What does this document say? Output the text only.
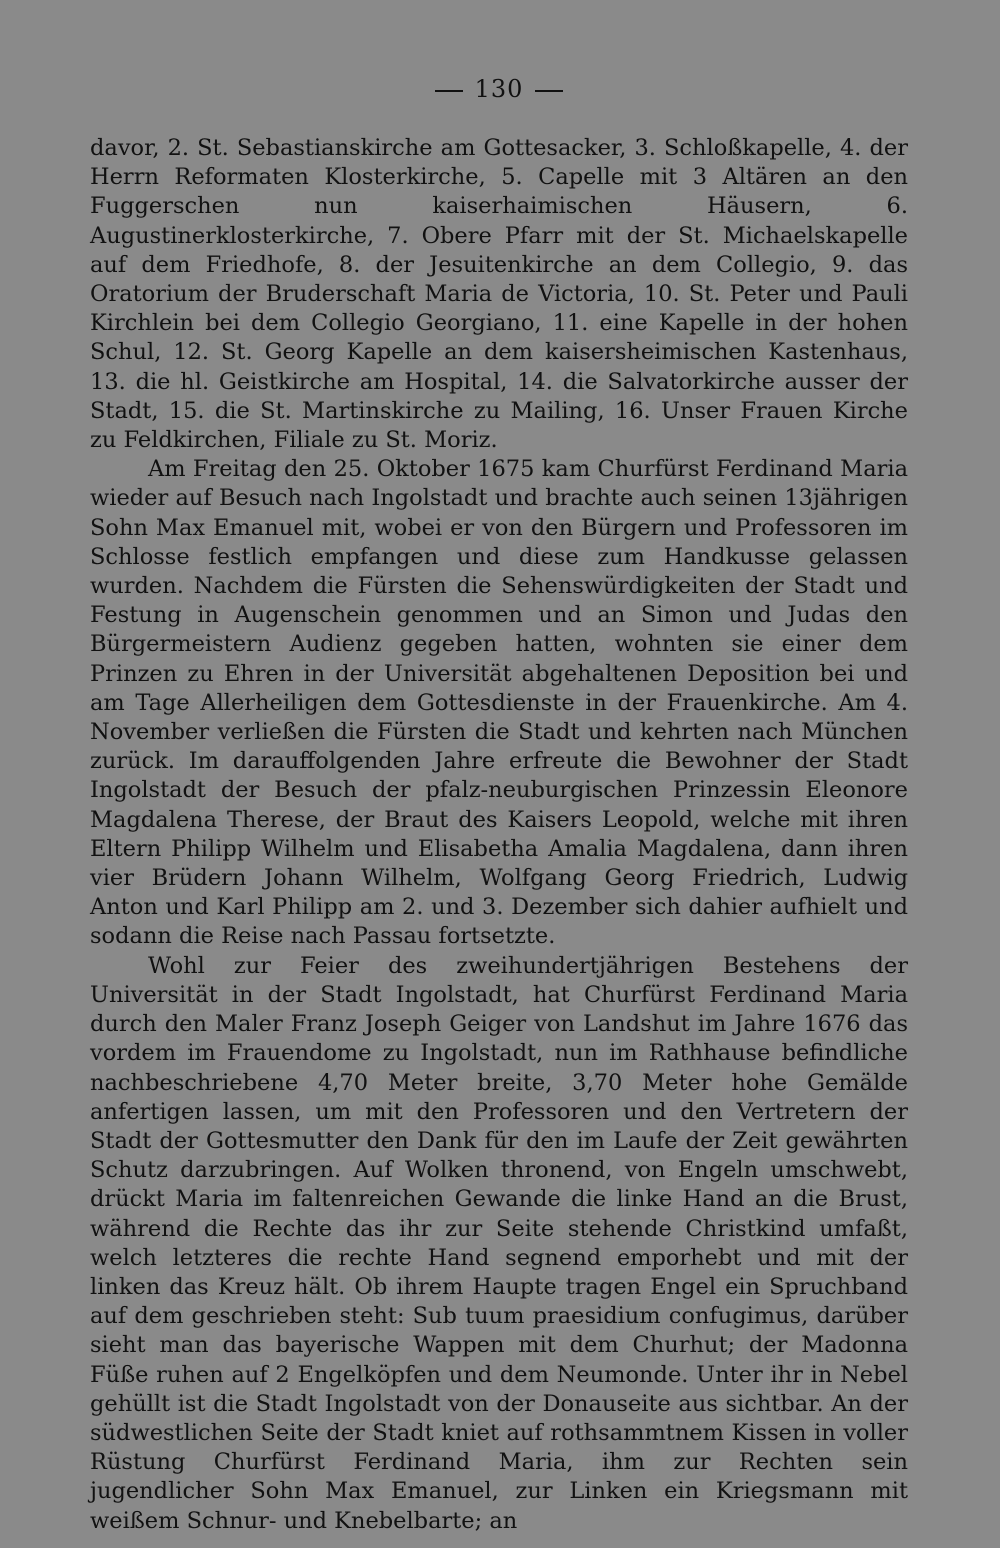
130

davor, 2. St. Sebastianskirche am Gottesacker, 3. Schloßkapelle, 4. der Herrn Reformaten Klosterkirche, 5. Capelle mit 3 Altären an den Fuggerschen nun kaiserhaimischen Häusern, 6. Augustinerklosterkirche, 7. Obere Pfarr mit der St. Michaelskapelle auf dem Friedhofe, 8. der Jesuitenkirche an dem Collegio, 9. das Oratorium der Bruderschaft Maria de Victoria, 10. St. Peter und Pauli Kirchlein bei dem Collegio Georgiano, 11. eine Kapelle in der hohen Schul, 12. St. Georg Kapelle an dem kaisersheimischen Kastenhaus, 13. die hl. Geistkirche am Hospital, 14. die Salvatorkirche ausser der Stadt, 15. die St. Martinskirche zu Mailing, 16. Unser Frauen Kirche zu Feldkirchen, Filiale zu St. Moriz.

Am Freitag den 25. Oktober 1675 kam Churfürst Ferdinand Maria wieder auf Besuch nach Ingolstadt und brachte auch seinen 13jährigen Sohn Max Emanuel mit, wobei er von den Bürgern und Professoren im Schlosse festlich empfangen und diese zum Handkusse gelassen wurden. Nachdem die Fürsten die Sehenswürdigkeiten der Stadt und Festung in Augenschein genommen und an Simon und Judas den Bürgermeistern Audienz gegeben hatten, wohnten sie einer dem Prinzen zu Ehren in der Universität abgehaltenen Deposition bei und am Tage Allerheiligen dem Gottesdienste in der Frauenkirche. Am 4. November verließen die Fürsten die Stadt und kehrten nach München zurück. Im darauffolgenden Jahre erfreute die Bewohner der Stadt Ingolstadt der Besuch der pfalz-neuburgischen Prinzessin Eleonore Magdalena Therese, der Braut des Kaisers Leopold, welche mit ihren Eltern Philipp Wilhelm und Elisabetha Amalia Magdalena, dann ihren vier Brüdern Johann Wilhelm, Wolfgang Georg Friedrich, Ludwig Anton und Karl Philipp am 2. und 3. Dezember sich dahier aufhielt und sodann die Reise nach Passau fortsetzte.

Wohl zur Feier des zweihundertjährigen Bestehens der Universität in der Stadt Ingolstadt, hat Churfürst Ferdinand Maria durch den Maler Franz Joseph Geiger von Landshut im Jahre 1676 das vordem im Frauendome zu Ingolstadt, nun im Rathhause befindliche nachbeschriebene 4,70 Meter breite, 3,70 Meter hohe Gemälde anfertigen lassen, um mit den Professoren und den Vertretern der Stadt der Gottesmutter den Dank für den im Laufe der Zeit gewährten Schutz darzubringen. Auf Wolken thronend, von Engeln umschwebt, drückt Maria im faltenreichen Gewande die linke Hand an die Brust, während die Rechte das ihr zur Seite stehende Christkind umfaßt, welch letzteres die rechte Hand segnend emporhebt und mit der linken das Kreuz hält. Ob ihrem Haupte tragen Engel ein Spruchband auf dem geschrieben steht: Sub tuum praesidium confugimus, darüber sieht man das bayerische Wappen mit dem Churhut; der Madonna Füße ruhen auf 2 Engelköpfen und dem Neumonde. Unter ihr in Nebel gehüllt ist die Stadt Ingolstadt von der Donauseite aus sichtbar. An der südwestlichen Seite der Stadt kniet auf rothsammtnem Kissen in voller Rüstung Churfürst Ferdinand Maria, ihm zur Rechten sein jugendlicher Sohn Max Emanuel, zur Linken ein Kriegsmann mit weißem Schnur- und Knebelbarte; an
